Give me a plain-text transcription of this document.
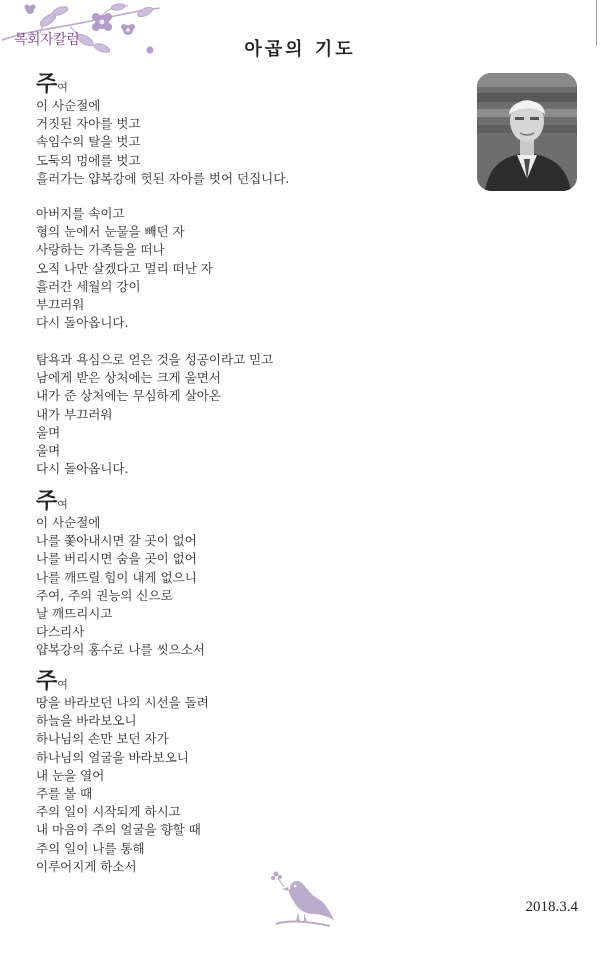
목회자칼럼	아곱의 기도
주여
이 사순절에
거짓된 자아를 벗고
속임수의 탈을 벗고
도둑의 멍에를 벗고
흘러가는 얍복강에 헛된 자아를 벗어 던집니다.
아버지를 속이고
형의 눈에서 눈물을 빼던 자
사랑하는 가족들을 떠나
오직 나만 살겠다고 멀리 떠난 자
흘러간 세월의 강이
부끄러워
다시 돌아옵니다.
탐욕과 욕심으로 얻은 것을 성공이라고 믿고
남에게 받은 상처에는 크게 울면서
내가 준 상처에는 무심하게 살아온
내가 부끄러워
울며
울며
다시 돌아옵니다.
주여
이 사순절에
나를 쫓아내시면 갈 곳이 없어
나를 버리시면 숨을 곳이 없어
나를 깨뜨릴 힘이 내게 없으니
주여, 주의 권능의 신으로
날 깨뜨리시고
다스리사
얍복강의 홍수로 나를 씻으소서
주여
땅을 바라보던 나의 시선을 돌려
하늘을 바라보오니
하나님의 손만 보던 자가
하나님의 얼굴을 바라보오니
내 눈을 열어
주를 볼 때
주의 일이 시작되게 하시고
내 마음이 주의 얼굴을 향할 때
주의 일이 나를 통해
이루어지게 하소서
2018.3.4
